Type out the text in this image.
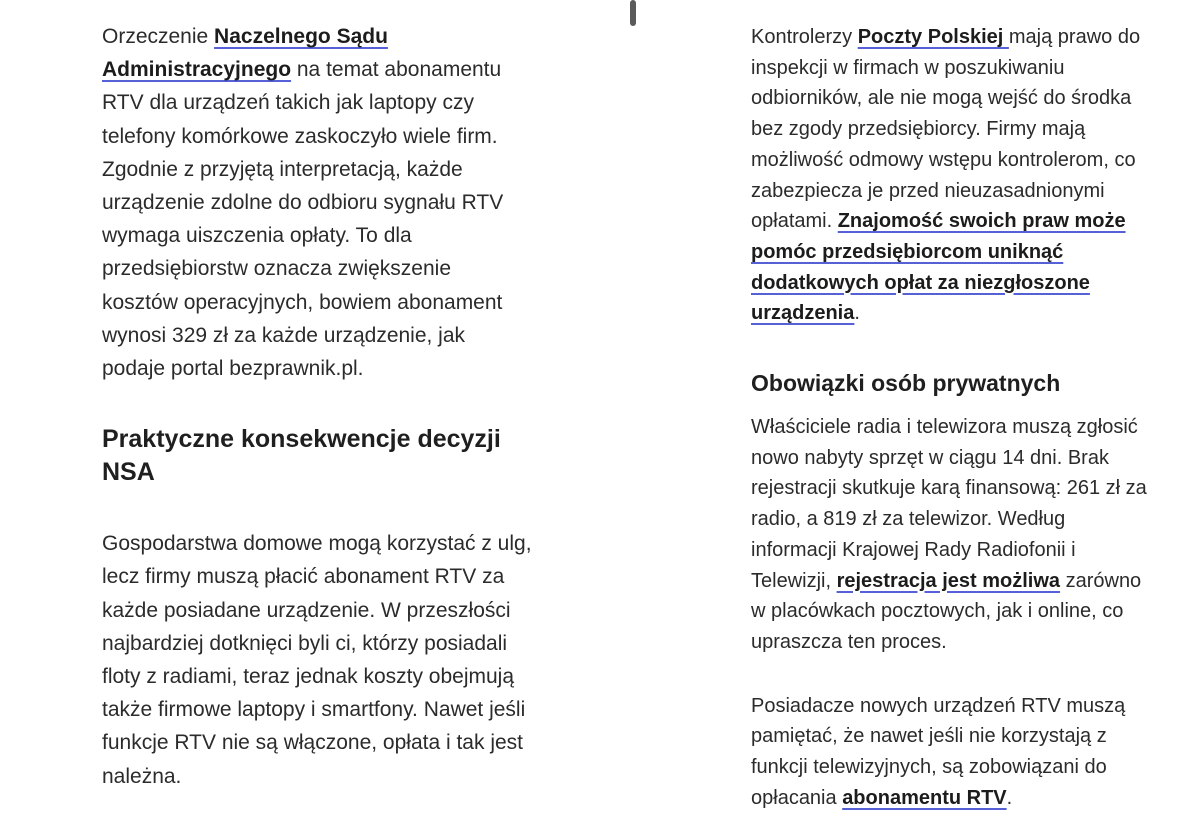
Orzeczenie Naczelnego Sądu Administracyjnego na temat abonamentu RTV dla urządzeń takich jak laptopy czy telefony komórkowe zaskoczyło wiele firm. Zgodnie z przyjętą interpretacją, każde urządzenie zdolne do odbioru sygnału RTV wymaga uiszczenia opłaty. To dla przedsiębiorstw oznacza zwiększenie kosztów operacyjnych, bowiem abonament wynosi 329 zł za każde urządzenie, jak podaje portal bezprawnik.pl.

Praktyczne konsekwencje decyzji NSA

Gospodarstwa domowe mogą korzystać z ulg, lecz firmy muszą płacić abonament RTV za każde posiadane urządzenie. W przeszłości najbardziej dotknięci byli ci, którzy posiadali floty z radiami, teraz jednak koszty obejmują także firmowe laptopy i smartfony. Nawet jeśli funkcje RTV nie są włączone, opłata i tak jest należna.

Kontrolerzy Poczty Polskiej mają prawo do inspekcji w firmach w poszukiwaniu odbiorników, ale nie mogą wejść do środka bez zgody przedsiębiorcy. Firmy mają możliwość odmowy wstępu kontrolerom, co zabezpiecza je przed nieuzasadnionymi opłatami. Znajomość swoich praw może pomóc przedsiębiorcom uniknąć dodatkowych opłat za niezgłoszone urządzenia.

Obowiązki osób prywatnych

Właściciele radia i telewizora muszą zgłosić nowo nabyty sprzęt w ciągu 14 dni. Brak rejestracji skutkuje karą finansową: 261 zł za radio, a 819 zł za telewizor. Według informacji Krajowej Rady Radiofonii i Telewizji, rejestracja jest możliwa zarówno w placówkach pocztowych, jak i online, co upraszcza ten proces.

Posiadacze nowych urządzeń RTV muszą pamiętać, że nawet jeśli nie korzystają z funkcji telewizyjnych, są zobowiązani do opłacania abonamentu RTV.
